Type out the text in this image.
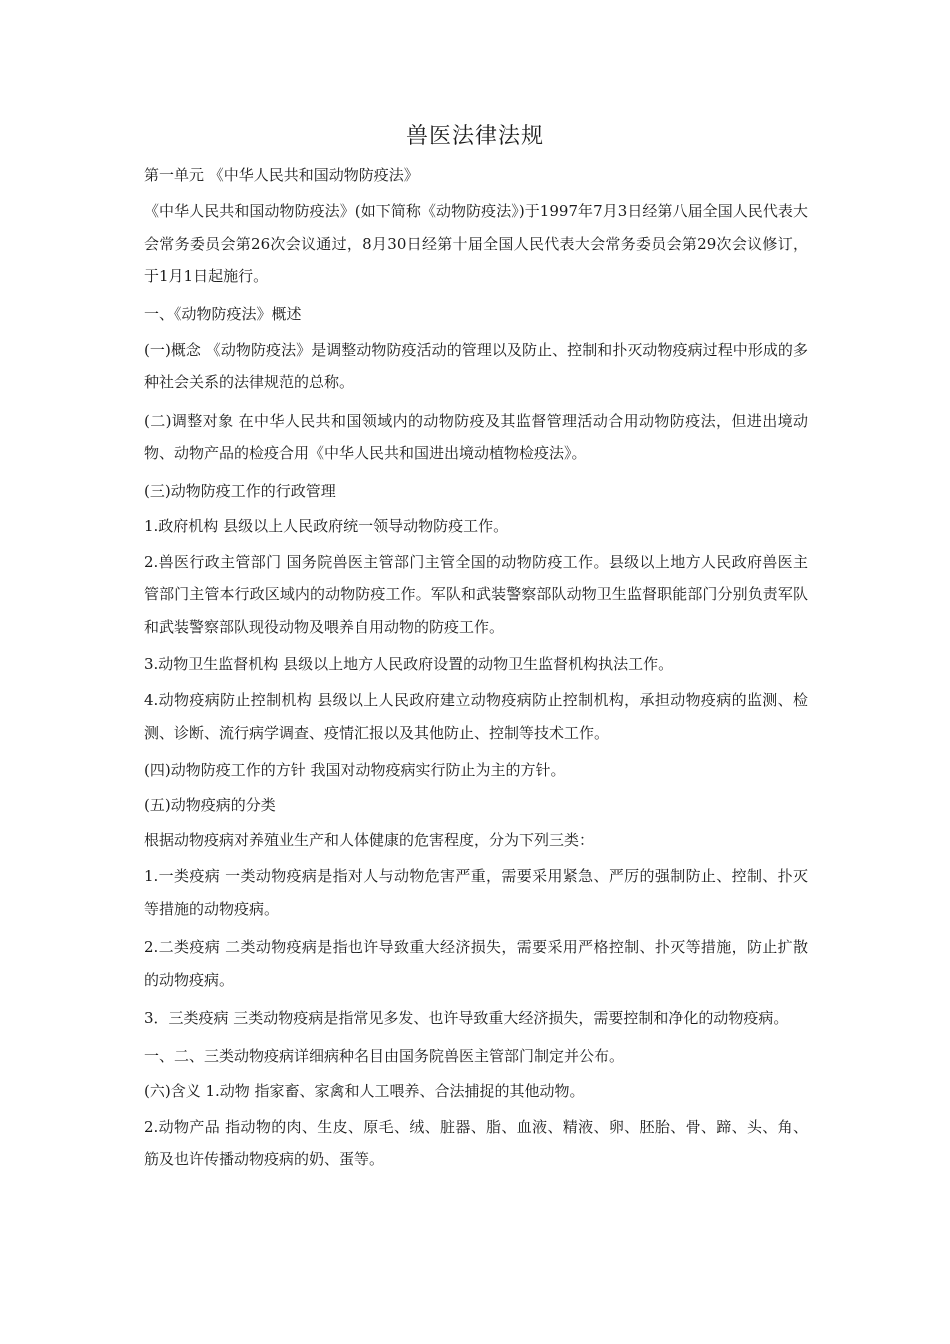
兽医法律法规

第一单元 《中华人民共和国动物防疫法》

《中华人民共和国动物防疫法》(如下简称《动物防疫法》)于1997年7月3日经第八届全国人民代表大会常务委员会第26次会议通过，8月30日经第十届全国人民代表大会常务委员会第29次会议修订，于1月1日起施行。

一、《动物防疫法》概述

(一)概念 《动物防疫法》是调整动物防疫活动的管理以及防止、控制和扑灭动物疫病过程中形成的多种社会关系的法律规范的总称。

(二)调整对象 在中华人民共和国领域内的动物防疫及其监督管理活动合用动物防疫法，但进出境动物、动物产品的检疫合用《中华人民共和国进出境动植物检疫法》。

(三)动物防疫工作的行政管理

1.政府机构 县级以上人民政府统一领导动物防疫工作。

2.兽医行政主管部门 国务院兽医主管部门主管全国的动物防疫工作。县级以上地方人民政府兽医主管部门主管本行政区域内的动物防疫工作。军队和武装警察部队动物卫生监督职能部门分别负责军队和武装警察部队现役动物及喂养自用动物的防疫工作。

3.动物卫生监督机构 县级以上地方人民政府设置的动物卫生监督机构执法工作。

4.动物疫病防止控制机构 县级以上人民政府建立动物疫病防止控制机构，承担动物疫病的监测、检测、诊断、流行病学调查、疫情汇报以及其他防止、控制等技术工作。

(四)动物防疫工作的方针 我国对动物疫病实行防止为主的方针。

(五)动物疫病的分类

根据动物疫病对养殖业生产和人体健康的危害程度，分为下列三类：

1.一类疫病 一类动物疫病是指对人与动物危害严重，需要采用紧急、严厉的强制防止、控制、扑灭等措施的动物疫病。

2.二类疫病 二类动物疫病是指也许导致重大经济损失，需要采用严格控制、扑灭等措施，防止扩散的动物疫病。

3．三类疫病 三类动物疫病是指常见多发、也许导致重大经济损失，需要控制和净化的动物疫病。

一、二、三类动物疫病详细病种名目由国务院兽医主管部门制定并公布。

(六)含义 1.动物 指家畜、家禽和人工喂养、合法捕捉的其他动物。

2.动物产品 指动物的肉、生皮、原毛、绒、脏器、脂、血液、精液、卵、胚胎、骨、蹄、头、角、筋及也许传播动物疫病的奶、蛋等。
